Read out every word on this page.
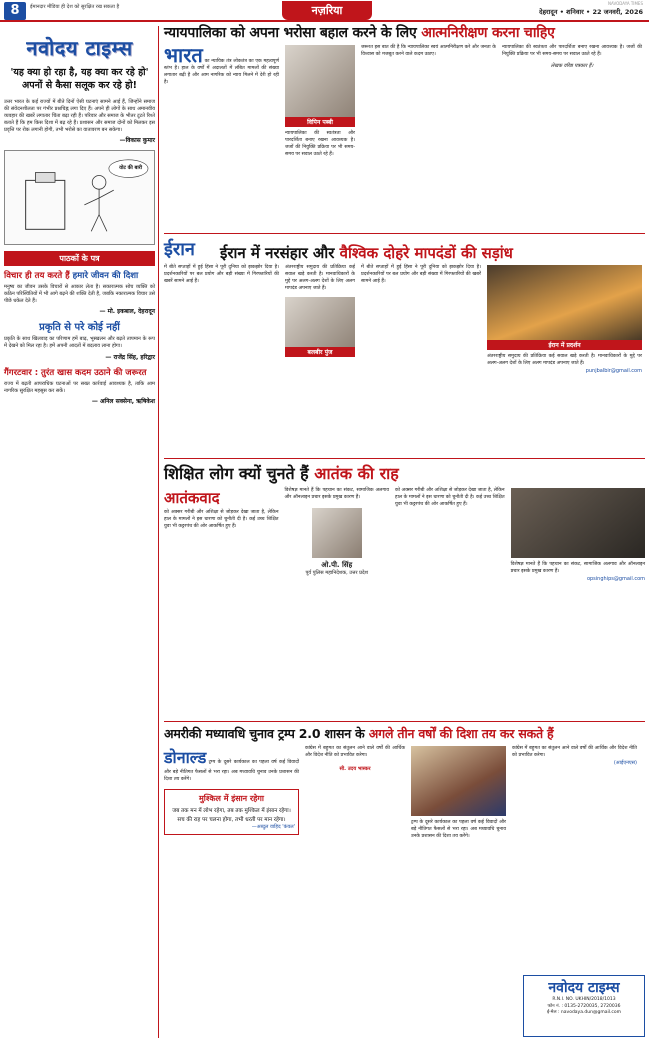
8	ईमानदार मीडिया ही देश को सुरक्षित रख सकता है	नज़रिया
NAVODAYA TIMES
देहरादून • शनिवार • 22 जनवरी, 2026
नवोदय टाइम्स
'यह क्या हो रहा है, यह क्या कर रहे हो' अपनों से कैसा सलूक कर रहे हो!
उत्तर भारत के कई राज्यों में बीते दिनों ऐसी घटनाएं सामने आई हैं, जिन्होंने समाज की संवेदनशीलता पर गंभीर प्रश्नचिह्न लगा दिए हैं। अपने ही लोगों के साथ अमानवीय व्यवहार की खबरें लगातार चिंता बढ़ा रही हैं। परिवार और समाज के भीतर टूटते रिश्ते बताते हैं कि हम किस दिशा में बढ़ रहे हैं। प्रशासन और समाज दोनों को मिलकर इस प्रवृत्ति पर रोक लगानी होगी, तभी भरोसे का वातावरण बन सकेगा।
—विकास कुमार
वोट की बारी
पाठकों के पत्र
विचार ही तय करते हैं हमारे जीवन की दिशा
मनुष्य का जीवन उसके विचारों से आकार लेता है। सकारात्मक सोच व्यक्ति को कठिन परिस्थितियों में भी आगे बढ़ने की शक्ति देती है, जबकि नकारात्मक विचार उसे पीछे धकेल देते हैं।
— मो. इकबाल, देहरादून
प्रकृति से परे कोई नहीं
प्रकृति के साथ खिलवाड़ का परिणाम हमें बाढ़, भूस्खलन और बढ़ते तापमान के रूप में देखने को मिल रहा है। हमें अपनी आदतों में बदलाव लाना होगा।
— राजेंद्र सिंह, हरिद्वार
गैंगरटवार : तुरंत खास कदम उठाने की जरूरत
राज्य में बढ़ती आपराधिक घटनाओं पर सख्त कार्रवाई आवश्यक है, ताकि आम नागरिक सुरक्षित महसूस कर सकें।
— अनिल सक्सेना, ऋषिकेश
न्यायपालिका को अपना भरोसा बहाल करने के लिए आत्मनिरीक्षण करना चाहिए
भारत का न्यायिक तंत्र लोकतंत्र का एक महत्वपूर्ण स्तंभ है। हाल के वर्षों में अदालतों में लंबित मामलों की संख्या लगातार बढ़ी है और आम नागरिक को न्याय मिलने में देरी हो रही है।
विपिन पब्बी
न्यायपालिका की स्वतंत्रता और पारदर्शिता बनाए रखना आवश्यक है। जजों की नियुक्ति प्रक्रिया पर भी समय-समय पर सवाल उठते रहे हैं।
जरूरत इस बात की है कि न्यायपालिका स्वयं आत्मनिरीक्षण करे और जनता के विश्वास को मजबूत करने वाले कदम उठाए।
न्यायपालिका की स्वतंत्रता और पारदर्शिता बनाए रखना आवश्यक है। जजों की नियुक्ति प्रक्रिया पर भी समय-समय पर सवाल उठते रहे हैं।
लेखक वरिष्ठ पत्रकार हैं।
ईरान	ईरान में नरसंहार और वैश्विक दोहरे मापदंडों की सड़ांध
में बीते सप्ताहों में हुई हिंसा ने पूरी दुनिया को झकझोर दिया है। प्रदर्शनकारियों पर बल प्रयोग और बड़ी संख्या में गिरफ्तारियों की खबरें सामने आई हैं।
अंतरराष्ट्रीय समुदाय की प्रतिक्रिया कई सवाल खड़े करती है। मानवाधिकारों के मुद्दे पर अलग-अलग देशों के लिए अलग मापदंड अपनाए जाते हैं।
बलबीर पुंज
में बीते सप्ताहों में हुई हिंसा ने पूरी दुनिया को झकझोर दिया है। प्रदर्शनकारियों पर बल प्रयोग और बड़ी संख्या में गिरफ्तारियों की खबरें सामने आई हैं।
ईरान में प्रदर्शन
अंतरराष्ट्रीय समुदाय की प्रतिक्रिया कई सवाल खड़े करती है। मानवाधिकारों के मुद्दे पर अलग-अलग देशों के लिए अलग मापदंड अपनाए जाते हैं।
punjbalbir@gmail.com
शिक्षित लोग क्यों चुनते हैं आतंक की राह
आतंकवाद
को अक्सर गरीबी और अशिक्षा से जोड़कर देखा जाता है, लेकिन हाल के मामलों ने इस धारणा को चुनौती दी है। कई उच्च शिक्षित युवा भी कट्टरपंथ की ओर आकर्षित हुए हैं।
विशेषज्ञ मानते हैं कि पहचान का संकट, सामाजिक अलगाव और ऑनलाइन प्रचार इसके प्रमुख कारण हैं।
ओ.पी. सिंह
पूर्व पुलिस महानिदेशक, उत्तर प्रदेश
को अक्सर गरीबी और अशिक्षा से जोड़कर देखा जाता है, लेकिन हाल के मामलों ने इस धारणा को चुनौती दी है। कई उच्च शिक्षित युवा भी कट्टरपंथ की ओर आकर्षित हुए हैं।
विशेषज्ञ मानते हैं कि पहचान का संकट, सामाजिक अलगाव और ऑनलाइन प्रचार इसके प्रमुख कारण हैं।
opsinghips@gmail.com
अमरीकी मध्यावधि चुनाव ट्रम्प 2.0 शासन के अगले तीन वर्षों की दिशा तय कर सकते हैं
डोनाल्ड ट्रम्प के दूसरे कार्यकाल का पहला वर्ष कई विवादों और बड़े नीतिगत फैसलों से भरा रहा। अब मध्यावधि चुनाव उनके प्रशासन की दिशा तय करेंगे।
मुश्किल में इंसान रहेगा
जब तक मन में लोभ रहेगा, तब तक मुश्किल में इंसान रहेगा। सच की राह पर चलना होगा, तभी धरती पर मान रहेगा।
—अब्दुल वाहिद 'कंवल'
कांग्रेस में बहुमत का संतुलन आने वाले वर्षों की आर्थिक और विदेश नीति को प्रभावित करेगा।
सी. उदय भास्कर
ट्रम्प के दूसरे कार्यकाल का पहला वर्ष कई विवादों और बड़े नीतिगत फैसलों से भरा रहा। अब मध्यावधि चुनाव उनके प्रशासन की दिशा तय करेंगे।
कांग्रेस में बहुमत का संतुलन आने वाले वर्षों की आर्थिक और विदेश नीति को प्रभावित करेगा।
(आईएनएस)
नवोदय टाइम्स
R.N.I. NO. UKHIN/2018/1013
फोन नं. : 0135-2720035, 2720036
ई-मेल : navodaya.dun@gmail.com
